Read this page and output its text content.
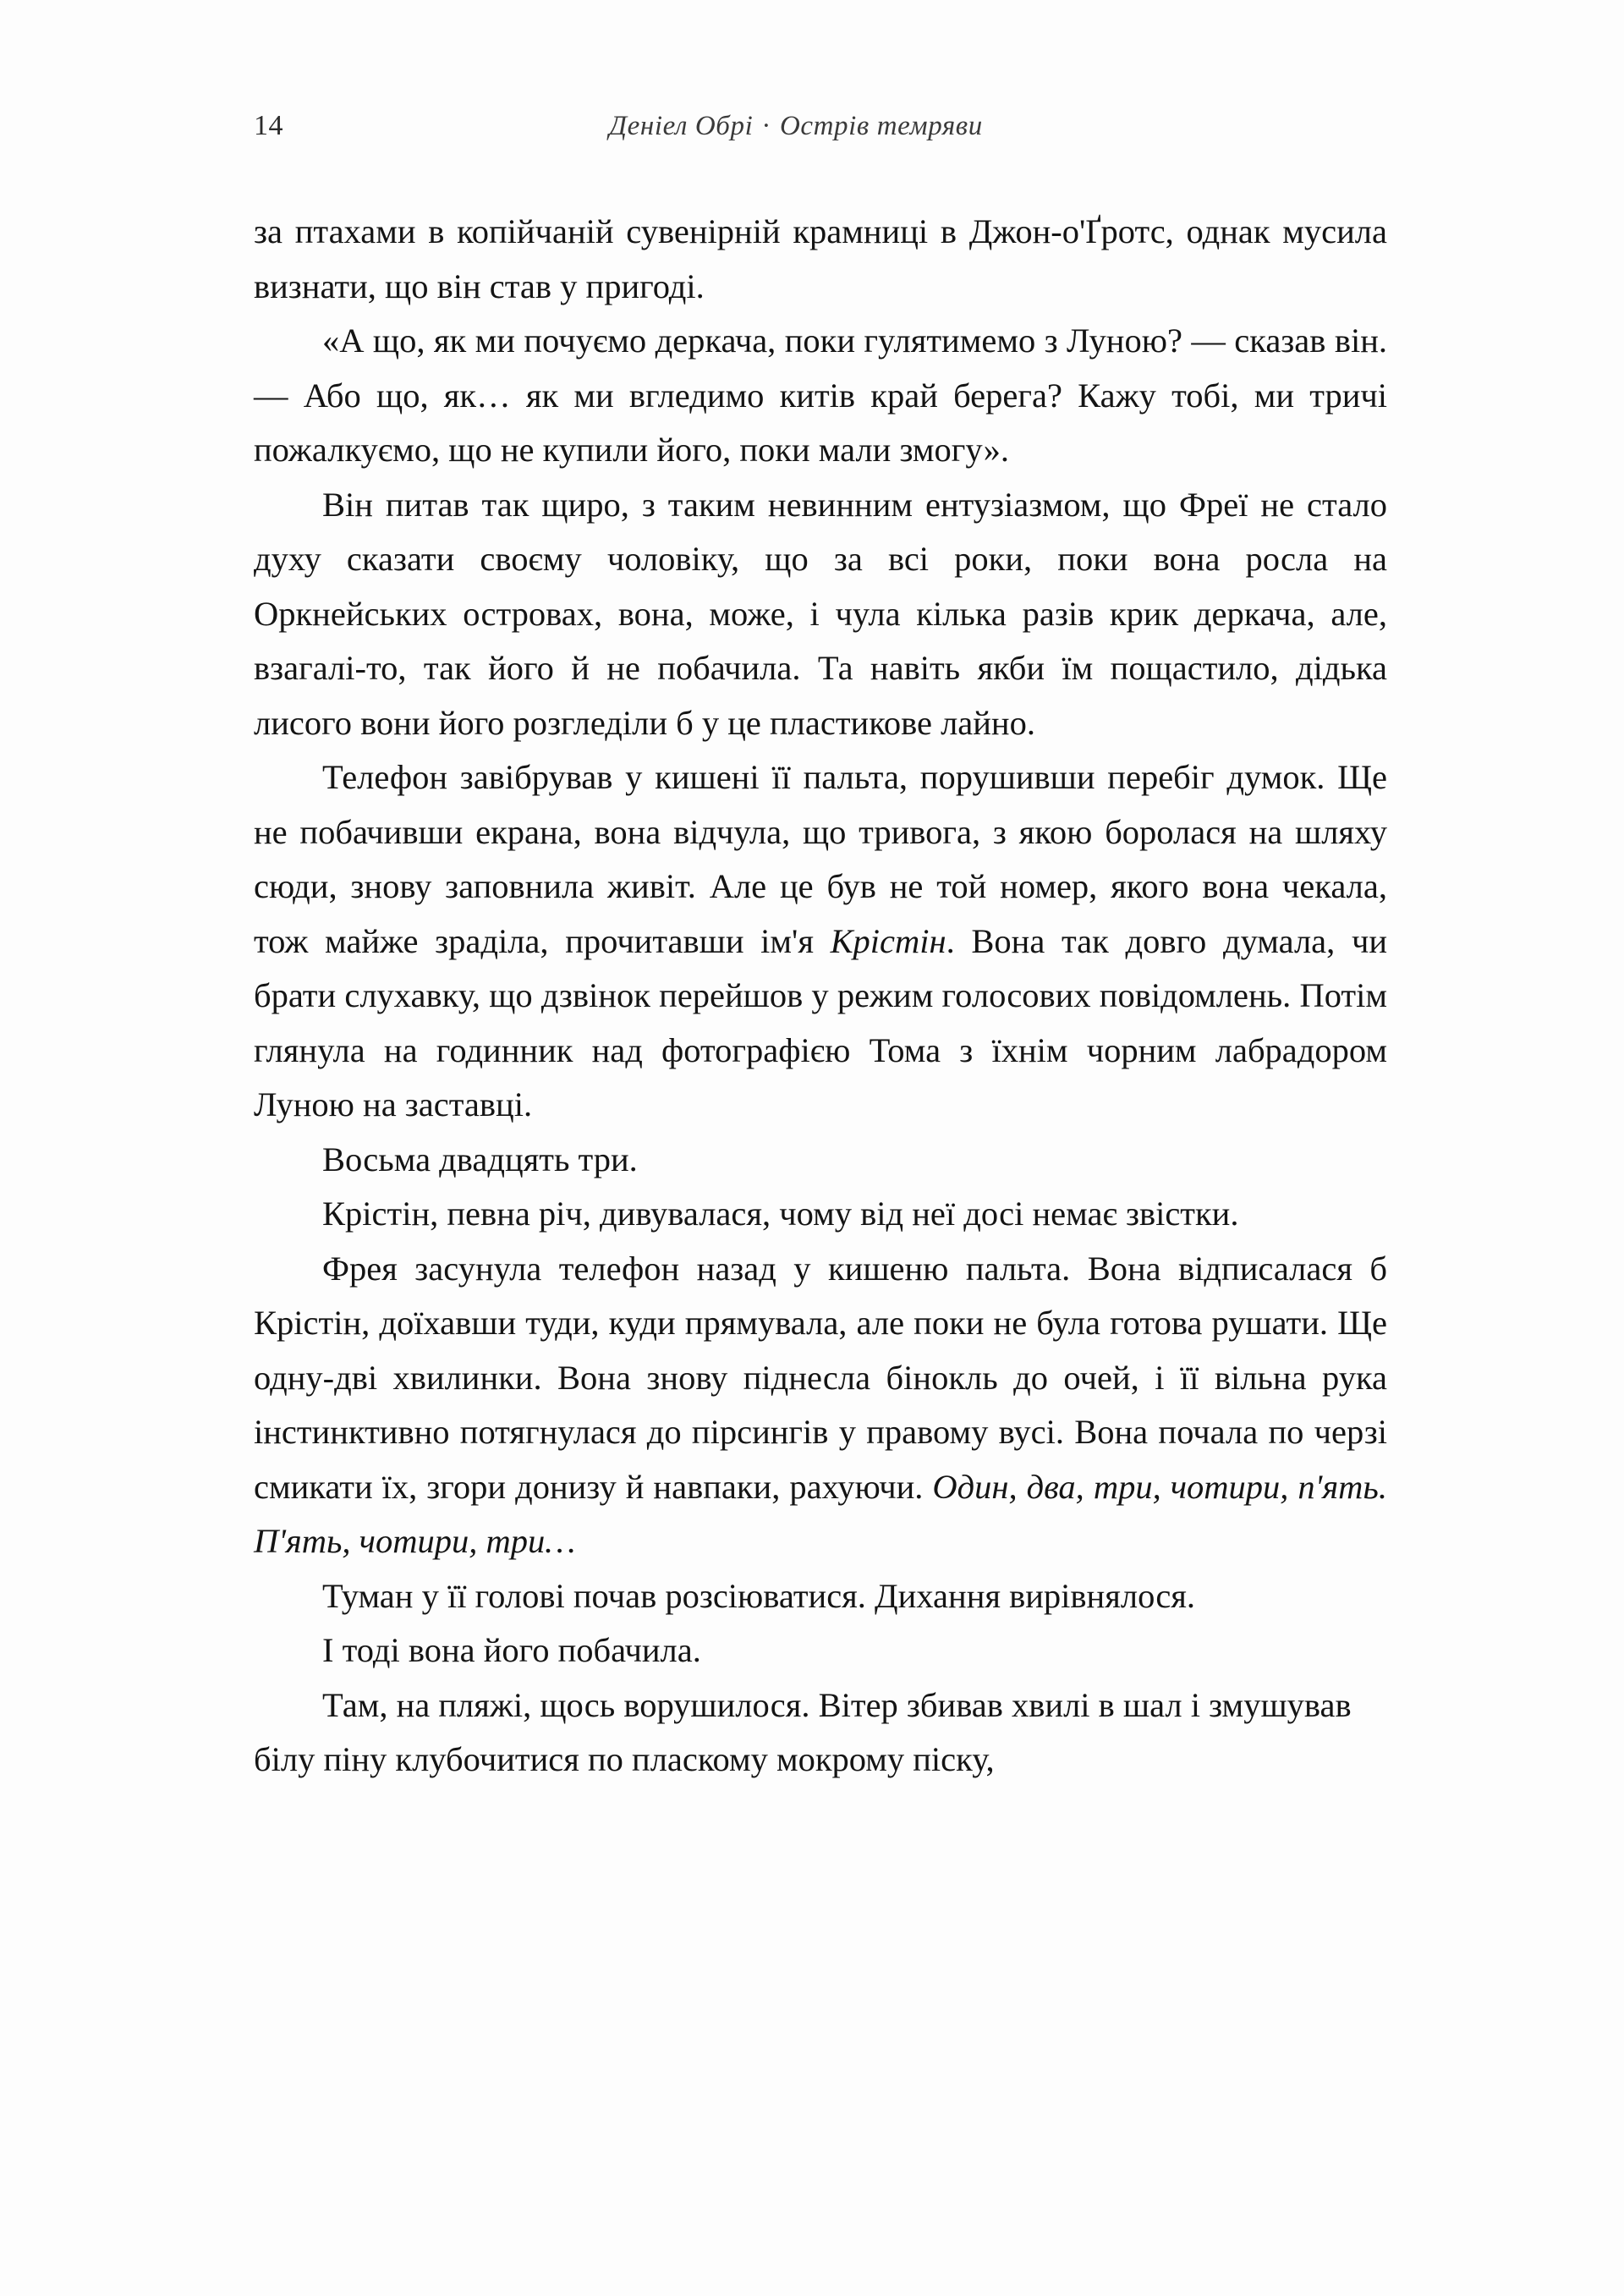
14	Деніел Обрі · Острів темряви

за птахами в копійчаній сувенірній крамниці в Джон-о'Ґротс, однак мусила визнати, що він став у пригоді.

«А що, як ми почуємо деркача, поки гулятимемо з Луною? — сказав він. — Або що, як… як ми вгледимо китів край берега? Кажу тобі, ми тричі пожалкуємо, що не купили його, поки мали змогу».

Він питав так щиро, з таким невинним ентузіазмом, що Фреї не стало духу сказати своєму чоловіку, що за всі роки, поки вона росла на Оркнейських островах, вона, може, і чула кілька разів крик деркача, але, взагалі-то, так його й не побачила. Та навіть якби їм пощастило, дідька лисого вони його розгледіли б у це пластикове лайно.

Телефон завібрував у кишені її пальта, порушивши перебіг думок. Ще не побачивши екрана, вона відчула, що тривога, з якою боролася на шляху сюди, знову заповнила живіт. Але це був не той номер, якого вона чекала, тож майже зраділа, прочитавши ім'я Крістін. Вона так довго думала, чи брати слухавку, що дзвінок перейшов у режим голосових повідомлень. Потім глянула на годинник над фотографією Тома з їхнім чорним лабрадором Луною на заставці.

Восьма двадцять три.

Крістін, певна річ, дивувалася, чому від неї досі немає звістки.

Фрея засунула телефон назад у кишеню пальта. Вона відписалася б Крістін, доїхавши туди, куди прямувала, але поки не була готова рушати. Ще одну-дві хвилинки. Вона знову піднесла бінокль до очей, і її вільна рука інстинктивно потягнулася до пірсингів у правому вусі. Вона почала по черзі смикати їх, згори донизу й навпаки, рахуючи. Один, два, три, чотири, п'ять. П'ять, чотири, три…

Туман у її голові почав розсіюватися. Дихання вирівнялося.

І тоді вона його побачила.

Там, на пляжі, щось ворушилося. Вітер збивав хвилі в шал і змушував білу піну клубочитися по пласкому мокрому піску,
